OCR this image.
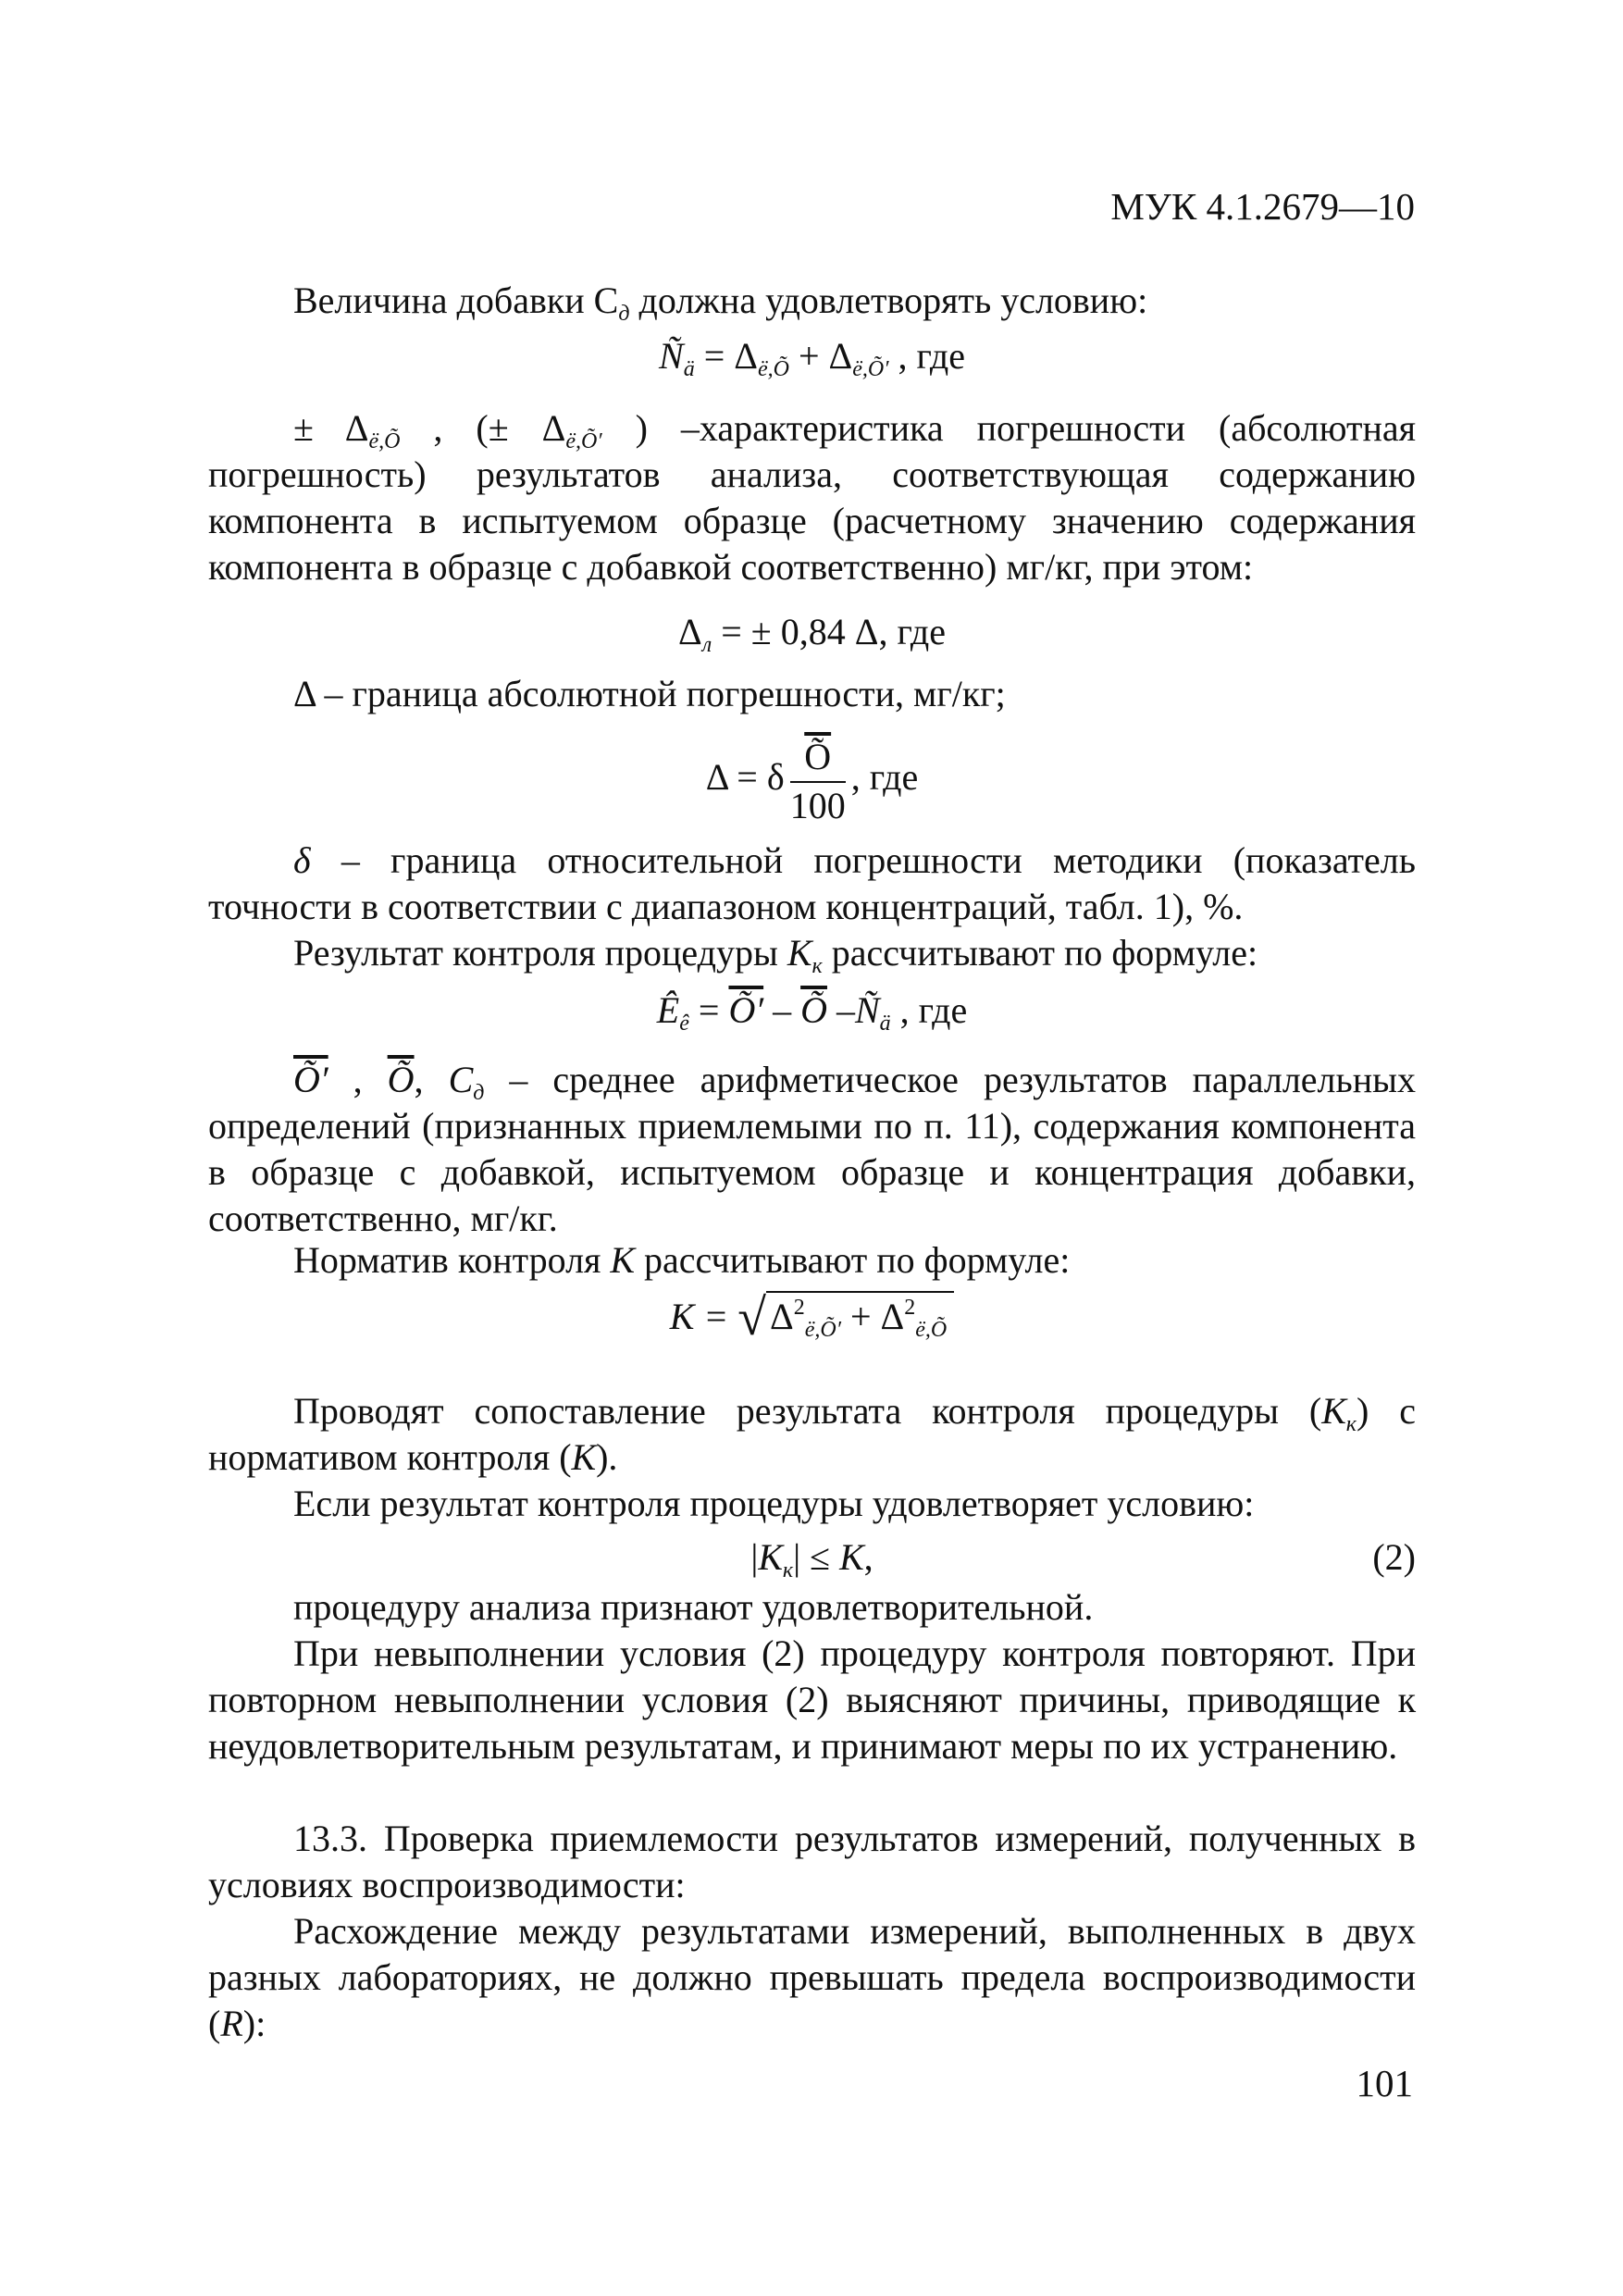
МУК 4.1.2679—10
Величина добавки $С_д$ должна удовлетворять условию:
$Ñ_ä = \Delta_{ë,Õ} + \Delta_{ë,Õ'}$ , где
± $\Delta_{ë,Õ}$ , (± $\Delta_{ë,Õ'}$ ) –характеристика погрешности (абсолютная погрешность) результатов анализа, соответствующая содержанию компонента в испытуемом образце (расчетному значению содержания компонента в образце с добавкой соответственно) мг/кг, при этом:
$\Delta_л$ = ± 0,84 Δ, где
Δ – граница абсолютной погрешности, мг/кг;
Δ = δ $\frac{\overline{Õ}}{100}$ , где
δ – граница относительной погрешности методики (показатель точности в соответствии с диапазоном концентраций, табл. 1), %.
Результат контроля процедуры $К_к$ рассчитывают по формуле:
$Ê_ê$ = Õ′ – $\overline{Õ}$ $-Ñ_ä$ , где
Õ′ , $\overline{Õ}$, $С_д$ – среднее арифметическое результатов параллельных определений (признанных приемлемыми по п. 11), содержания компонента в образце с добавкой, испытуемом образце и концентрация добавки, соответственно, мг/кг.
Норматив контроля К рассчитывают по формуле:
К = √ $\Delta^2_{ë,Õ'} + \Delta^2_{ë,Õ}$
Проводят сопоставление результата контроля процедуры $(К_к)$ с нормативом контроля (К).
Если результат контроля процедуры удовлетворяет условию:
$|К_к| \le К$,	(2)
процедуру анализа признают удовлетворительной.
При невыполнении условия (2) процедуру контроля повторяют. При повторном невыполнении условия (2) выясняют причины, приводящие к неудовлетворительным результатам, и принимают меры по их устранению.
13.3. Проверка приемлемости результатов измерений, полученных в условиях воспроизводимости:
Расхождение между результатами измерений, выполненных в двух разных лабораториях, не должно превышать предела воспроизводимости (R):
101
